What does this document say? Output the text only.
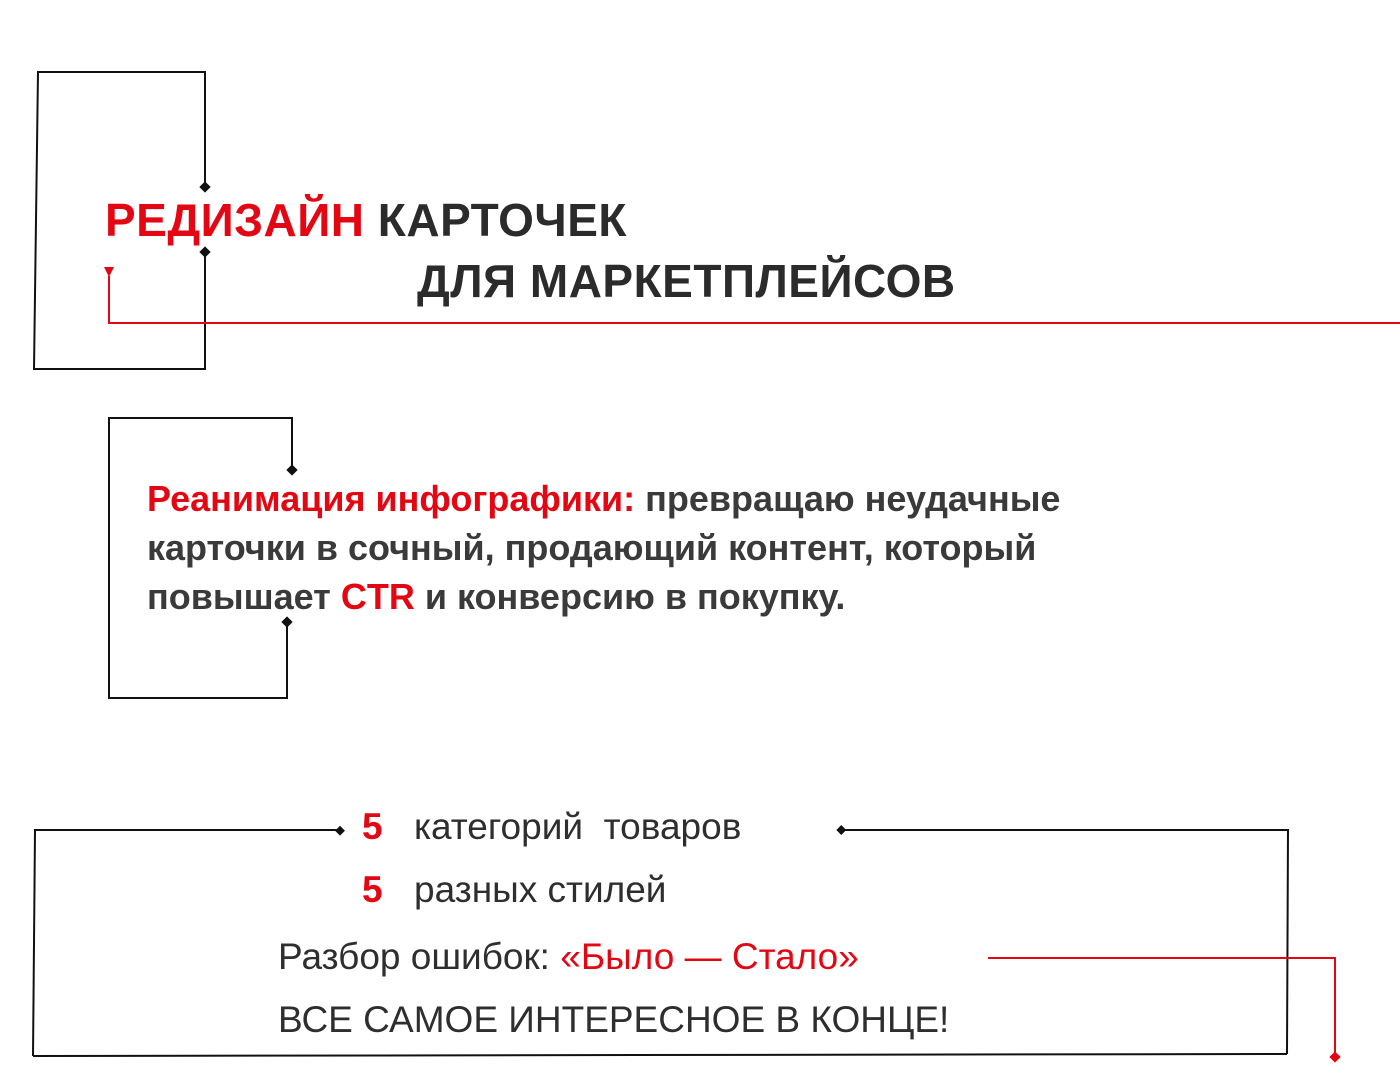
РЕДИЗАЙН КАРТОЧЕК
ДЛЯ МАРКЕТПЛЕЙСОВ

Реанимация инфографики: превращаю неудачные

карточки в сочный, продающий контент, который

повышает CTR и конверсию в покупку.

5 категорий  товаров
5 разных стилей
Разбор ошибок: «Было — Стало»
ВСЕ САМОЕ ИНТЕРЕСНОЕ В КОНЦЕ!
